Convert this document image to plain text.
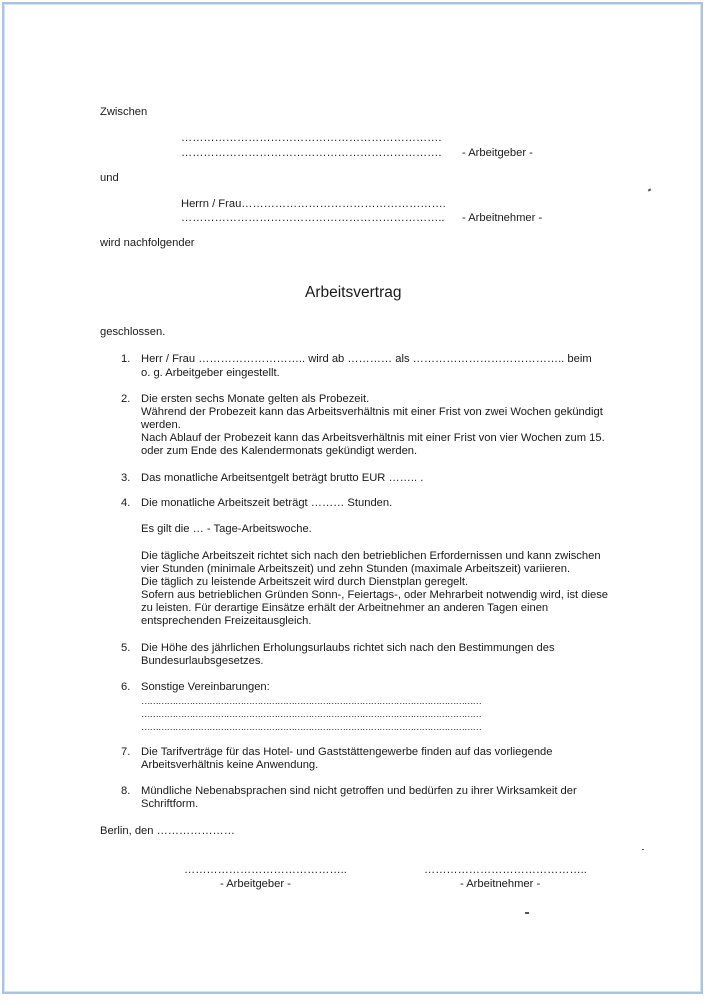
Zwischen
…………………………………………………………….
……………………………………………………………. - Arbeitgeber -
und
Herrn / Frau……………………………………………….
…………………………………………………………….. - Arbeitnehmer -
wird nachfolgender
Arbeitsvertrag
geschlossen.
1. Herr / Frau ……………………….. wird ab ………… als ………………………………….. beim
o. g. Arbeitgeber eingestellt.
2. Die ersten sechs Monate gelten als Probezeit.
Während der Probezeit kann das Arbeitsverhältnis mit einer Frist von zwei Wochen gekündigt
werden.
Nach Ablauf der Probezeit kann das Arbeitsverhältnis mit einer Frist von vier Wochen zum 15.
oder zum Ende des Kalendermonats gekündigt werden.
3. Das monatliche Arbeitsentgelt beträgt brutto EUR …….. .
4. Die monatliche Arbeitszeit beträgt ……… Stunden.
Es gilt die … - Tage-Arbeitswoche.
Die tägliche Arbeitszeit richtet sich nach den betrieblichen Erfordernissen und kann zwischen
vier Stunden (minimale Arbeitszeit) und zehn Stunden (maximale Arbeitszeit) variieren.
Die täglich zu leistende Arbeitszeit wird durch Dienstplan geregelt.
Sofern aus betrieblichen Gründen Sonn-, Feiertags-, oder Mehrarbeit notwendig wird, ist diese
zu leisten. Für derartige Einsätze erhält der Arbeitnehmer an anderen Tagen einen
entsprechenden Freizeitausgleich.
5. Die Höhe des jährlichen Erholungsurlaubs richtet sich nach den Bestimmungen des
Bundesurlaubsgesetzes.
6. Sonstige Vereinbarungen:
…………………………………………………………………………………………………………
…………………………………………………………………………………………………………
…………………………………………………………………………………………………………
7. Die Tarifverträge für das Hotel- und Gaststättengewerbe finden auf das vorliegende
Arbeitsverhältnis keine Anwendung.
8. Mündliche Nebenabsprachen sind nicht getroffen und bedürfen zu ihrer Wirksamkeit der
Schriftform.
Berlin, den …………………
……………………………………..
- Arbeitgeber -
……………………………………..
- Arbeitnehmer -
